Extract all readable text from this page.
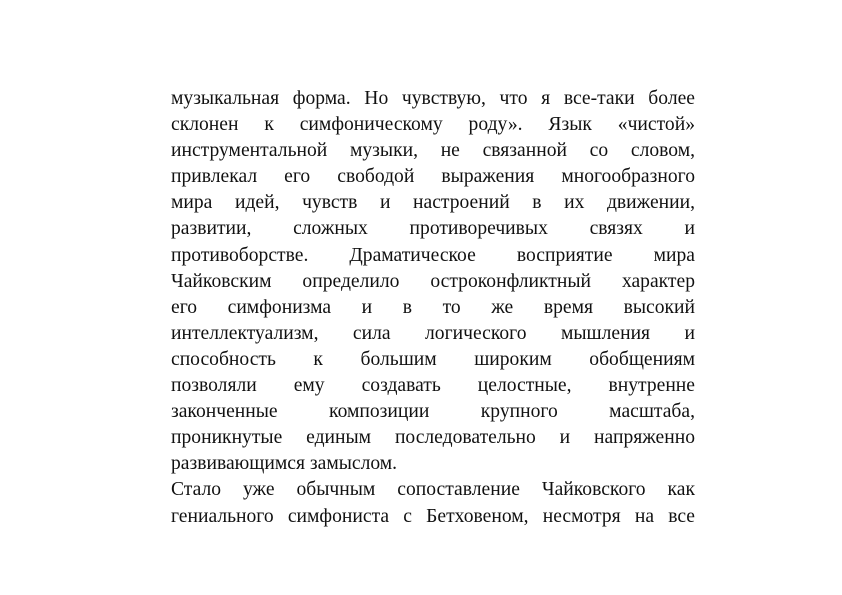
музыкальная форма. Но чувствую, что я все-таки более
склонен к симфоническому роду». Язык «чистой»
инструментальной музыки, не связанной со словом,
привлекал его свободой выражения многообразного
мира идей, чувств и настроений в их движении,
развитии, сложных противоречивых связях и
противоборстве. Драматическое восприятие мира
Чайковским определило остроконфликтный характер
его симфонизма и в то же время высокий
интеллектуализм, сила логического мышления и
способность к большим широким обобщениям
позволяли ему создавать целостные, внутренне
законченные композиции крупного масштаба,
проникнутые единым последовательно и напряженно
развивающимся замыслом.
Стало уже обычным сопоставление Чайковского как
гениального симфониста с Бетховеном, несмотря на все
